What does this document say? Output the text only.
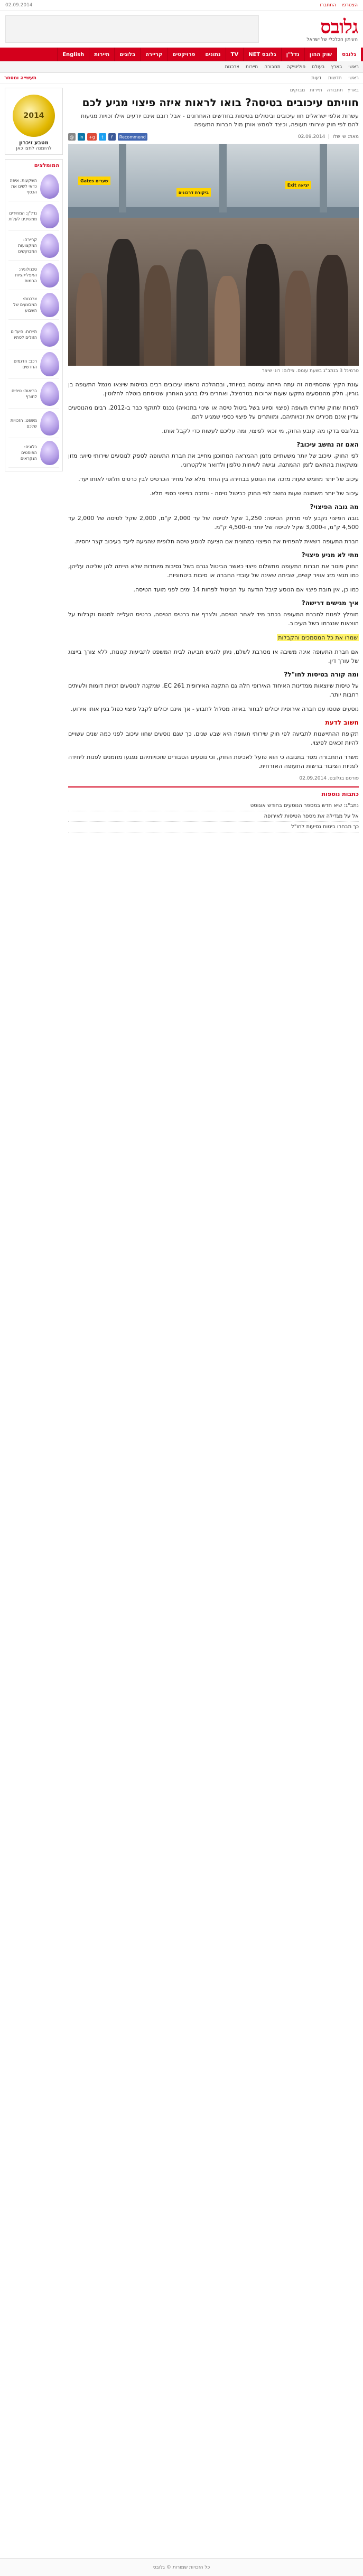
הצטרפו התחברו
02.09.2014
גלובס
העיתון הכלכלי של ישראל
גלובס
שוק ההון
נדל"ן
גלובס NET
TV
נתונים
פרויקטים
קריירה
בלוגים
תיירות
English
ראשי
בארץ
בעולם
פוליטיקה
תחבורה
תיירות
צרכנות
ראשי חדשות דעות
תעשייה ומסחר
בארץ תחבורה תיירות מבזקים
חוויתם עיכובים בטיסה? בואו לראות איזה פיצוי מגיע לכם
עשרות אלפי ישראלים חוו עיכובים וביטולים בטיסות בחודשים האחרונים - אבל רובם אינם יודעים אילו זכויות מגיעות להם לפי חוק שירותי תעופה, וכיצד לממש אותן מול חברות התעופה
מאת: שי שלו  |  02.09.2014
Recommend
f
t
g+
in
@
יציאה Exit
ביקורת דרכונים
שערים Gates
טרמינל 3 בנתב"ג בשעת עומס. צילום: רוני שיצר

עונת הקיץ שהסתיימה זה עתה הייתה עמוסה במיוחד, ובמהלכה נרשמו עיכובים רבים בטיסות שיצאו מנמל התעופה בן גוריון. חלק מהנוסעים נתקעו שעות ארוכות בטרמינל, ואחרים גילו ברגע האחרון שטיסתם בוטלה לחלוטין.

למרות שחוק שירותי תעופה (פיצוי וסיוע בשל ביטול טיסה או שינוי בתנאיה) נכנס לתוקף כבר ב-2012, רבים מהנוסעים עדיין אינם מכירים את זכויותיהם, ומוותרים על פיצוי כספי שמגיע להם.

בגלובס בדקו מה קובע החוק, מי זכאי לפיצוי, ומה עליכם לעשות כדי לקבל אותו.

האם זה נחשב עיכוב?

לפי החוק, עיכוב של יותר משעתיים מזמן ההמראה המתוכנן מחייב את חברת התעופה לספק לנוסעים שירותי סיוע: מזון ומשקאות בהתאם לזמן ההמתנה, וגישה לשיחות טלפון ולדואר אלקטרוני.

עיכוב של יותר מחמש שעות מזכה את הנוסע בבחירה בין החזר מלא של מחיר הכרטיס לבין כרטיס חלופי לאותו יעד.

עיכוב של יותר משמונה שעות נחשב לפי החוק כביטול טיסה - ומזכה בפיצוי כספי מלא.

מה גובה הפיצוי?

גובה הפיצוי נקבע לפי מרחק הטיסה: 1,250 שקל לטיסה של עד 2,000 ק"מ, 2,000 שקל לטיסה של 2,000 עד 4,500 ק"מ, ו-3,000 שקל לטיסה של יותר מ-4,500 ק"מ.

חברת התעופה רשאית להפחית את הפיצוי במחצית אם הציעה לנוסע טיסה חלופית שהגיעה ליעד בעיכוב קצר יחסית.

מתי לא מגיע פיצוי?

החוק פוטר את חברות התעופה מתשלום פיצוי כאשר הביטול נגרם בשל נסיבות מיוחדות שלא הייתה להן שליטה עליהן, כמו תנאי מזג אוויר קשים, שביתה שאינה של עובדי החברה או סיבות ביטחוניות.

כמו כן, אין חובת פיצוי אם הנוסע קיבל הודעה על הביטול לפחות 14 ימים לפני מועד הטיסה.

איך מגישים דרישה?

מומלץ לפנות לחברת התעופה בכתב מיד לאחר הטיסה, ולצרף את כרטיס הטיסה, כרטיס העלייה למטוס וקבלות על הוצאות שנגרמו בשל העיכוב.

שמרו את כל המסמכים והקבלות

אם חברת התעופה אינה משיבה או מסרבת לשלם, ניתן להגיש תביעה לבית המשפט לתביעות קטנות, ללא צורך בייצוג של עורך דין.

ומה קורה בטיסות לחו"ל?

על טיסות שיוצאות ממדינות האיחוד האירופי חלה גם התקנה האירופית EC 261, שמקנה לנוסעים זכויות דומות ולעיתים רחבות יותר.

נוסעים שטסו עם חברה אירופית יכולים לבחור באיזה מסלול לתבוע - אך אינם יכולים לקבל פיצוי כפול בגין אותו אירוע.

חשוב לדעת

תקופת ההתיישנות לתביעה לפי חוק שירותי תעופה היא שבע שנים, כך שגם נוסעים שחוו עיכוב לפני כמה שנים עשויים להיות זכאים לפיצוי.

משרד התחבורה מסר בתגובה כי הוא פועל לאכיפת החוק, וכי נוסעים הסבורים שזכויותיהם נפגעו מוזמנים לפנות ליחידה לפניות הציבור ברשות התעופה האזרחית.

פורסם בגלובס, 02.09.2014
כתבות נוספות
נתב"ג: שיא חדש במספר הנוסעים בחודש אוגוסט
אל על מגדילה את מספר הטיסות לאירופה
כך תבחרו ביטוח נסיעות לחו"ל
2014
מטבע זיכרון
להזמנה לחצו כאן
המומלצים
השקעות: איפה כדאי לשים את הכסף
נדל"ן: המחירים ממשיכים לעלות
קריירה: המקצועות המבוקשים
טכנולוגיה: האפליקציות החמות
צרכנות: המבצעים של השבוע
תיירות: היעדים הזולים לסתיו
רכב: הדגמים החדשים
בריאות: טיפים לחורף
משפט: הזכויות שלכם
בלוגים: הפוסטים הנקראים
כל הזכויות שמורות © גלובס
